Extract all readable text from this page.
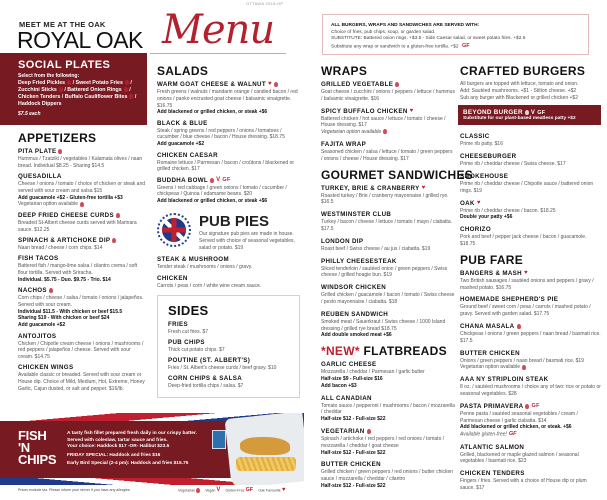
OTTAWA 2016-HP
MEET ME AT THE OAK
ROYAL OAK Menu	ALL BURGERS, WRAPS AND SANDWICHES ARE SERVED WITH:
Choice of fries, pub chips, soup, or garden salad.
SUBSTITUTE: Battered onion rings. +$3.5 - Side Caesar salad, or sweet potato fries. +$2.5
Substitute any wrap or sandwich to a gluten-free tortilla. +$2 GF
SOCIAL PLATES
Select from the following:
Deep Fried Pickles / Sweet Potato Fries / Zucchini Sticks / Battered Onion Rings / Chicken Tenders / Buffalo Cauliflower Bites / Haddock Dippers
$7.5 each
APPETIZERS
PITA PLATE
Hummus / Tzatziki / vegetables / Kalamata olives / naan bread. Individual $8.25 - Sharing $14.5
QUESADILLA
Cheese / onions / tomato / choice of chicken or steak and served with sour cream and salsa $15
Add guacamole +$2 - Gluten-free tortilla +$3
Vegetarian option available
DEEP FRIED CHEESE CURDS
Breaded St-Albert cheese curds served with Marinara sauce. $12.25
SPINACH & ARTICHOKE DIP
Naan bread / cheese / corn chips. $14
FISH TACOS
Battered fish / mango-lime salsa / cilantro crema / soft flour tortilla. Served with Sriracha.
Individual. $5.75 - Duo. $9.75 - Trio. $14
NACHOS
Corn chips / cheese / salsa / tomato / onions / jalapeños. Served with sour cream.
Individual $11.5 - With chicken or beef $15.5
Sharing $19 - With chicken or beef $24
Add guacamole +$2
ANTOJITOS
Chicken / Chipotle cream cheese / onions / mushrooms / red peppers / jalapeños / cheese. Served with sour cream. $14.75
CHICKEN WINGS
Available classic or breaded. Served with sour cream or House dip. Choice of Mild, Medium, Hot, Extreme, Honey Garlic, Cajun dusted, or salt and pepper. $16/lb.
SALADS
WARM GOAT CHEESE & WALNUT ♥
Fresh greens / walnuts / mandarin orange / candied bacon / red onions / panko encrusted goat cheese / balsamic vinaigrette. $16.75
Add blackened or grilled chicken, or steak +$6
BLACK & BLUE
Steak / spring greens / red peppers / onions / tomatoes / cucumber / blue cheese / bacon / House dressing. $18.75
Add guacamole +$2
CHICKEN CAESAR
Romaine lettuce / Parmesan / bacon / croûtons / blackened or grilled chicken. $17
BUDDHA BOWL V GF
Greens / red cabbage / green onions / tomato / cucumber / chickpeas / Quinoa / edamame beans. $20
Add blackened or grilled chicken, or steak +$6
PUB PIES
Our signature pub pies are made in house. Served with choice of seasonal vegetables, salad or potato. $19
STEAK & MUSHROOM
Tender steak / mushrooms / onions / gravy.
CHICKEN
Carrots / peas / corn / white wine cream sauce.
SIDES
FRIES
Fresh cut fries. $7
PUB CHIPS
Thick cut potato chips. $7
POUTINE (ST. ALBERT'S)
Fries / St. Albert's cheese curds / beef gravy. $10
CORN CHIPS & SALSA
Deep-fried tortilla chips / salsa. $7
WRAPS
GRILLED VEGETABLE
Goat cheese / zucchini / onions / peppers / lettuce / hummus / balsamic vinaigrette. $16
SPICY BUFFALO CHICKEN ♥
Battered chicken / hot sauce / lettuce / tomato / cheese / House dressing. $17
Vegetarian option available
FAJITA WRAP
Seasoned chicken / salsa / lettuce / tomato / green peppers / onions / cheese / House dressing. $17
GOURMET SANDWICHES
TURKEY, BRIE & CRANBERRY ♥
Roasted turkey / Brie / cranberry mayonnaise / grilled rye. $16.5
WESTMINSTER CLUB
Turkey / bacon / cheese / lettuce / tomato / mayo / ciabatta. $17.5
LONDON DIP
Roast beef / Swiss cheese / au jus / ciabatta. $19
PHILLY CHEESESTEAK
Sliced tenderloin / sautéed onion / green peppers / Swiss cheese / grilled hoagie bun. $19
WINDSOR CHICKEN
Grilled chicken / guacamole / bacon / tomato / Swiss cheese / pesto mayonnaise / ciabatta. $18
REUBEN SANDWICH
Smoked meat / Sauerkraut / Swiss cheese / 1000 Island dressing / grilled rye bread $18.75
Add double smoked meat +$6
*NEW* FLATBREADS
GARLIC CHEESE
Mozzarella / cheddar / Parmesan / garlic butter
Half-size $9 - Full-size $16
Add bacon +$3
ALL CANADIAN
Tomato sauce / pepperoni / mushrooms / bacon / mozzarella / cheddar
Half-size $12 - Full-size $22
VEGETARIAN
Spinach / artichoke / red peppers / red onions / tomato / mozzarella / cheddar / goat cheese
Half-size $12 - Full-size $22
BUTTER CHICKEN
Grilled chicken / green peppers / red onions / butter chicken sauce / mozzarella / cheddar / cilantro
Half-size $12 - Full-size $22
CRAFTED BURGERS
All burgers are topped with lettuce, tomato and onion.
Add: Sautéed mushrooms. +$1 - Stilton cheese. +$2
Sub any burger with Blackened or grilled chicken +$2
BEYOND BURGER V GF
Substitute for our plant-based meatless patty +$2
CLASSIC
Prime rib patty. $16
CHEESEBURGER
Prime rib / cheddar cheese / Swiss cheese. $17
SMOKEHOUSE
Prime rib / cheddar cheese / Chipotle sauce / battered onion rings. $19
OAK ♥
Prime rib / cheddar cheese / bacon. $18.25
Double your patty +$6
CHORIZO
Pork and beef / pepper jack cheese / bacon / guacamole. $18.75
PUB FARE
BANGERS & MASH ♥
Two British sausages / sautéed onions and peppers / gravy / mashed potato. $16.75
HOMEMADE SHEPHERD'S PIE
Ground beef / sweet corn / peas / carrots / mashed potato / gravy. Served with garden salad. $17.75
CHANA MASALA
Chickpeas / onions / green peppers / naan bread / basmati rice. $17.5
BUTTER CHICKEN
Onions / green peppers / naan bread / basmati rice. $19
Vegetarian option available
AAA NY STRIPLOIN STEAK
8 oz. / sautéed mushrooms / choice any of two: rice or potato or seasonal vegetables. $28
PASTA PRIMAVERA GF
Penne pasta / sautéed seasonal vegetables / cream / Parmesan cheese / garlic ciabatta. $14
Add blackened or grilled chicken, or steak. +$6
Available gluten-free! GF
ATLANTIC SALMON
Grilled, blackened or maple glazed salmon / seasonal vegetables / basmati rice. $23
CHICKEN TENDERS
Fingers / fries. Served with a choice of House dip or plum sauce. $17
FISH
'N
CHIPS
A tasty fish fillet prepared fresh daily in our crispy batter.
Served with coleslaw, tartar sauce and fries.
Your choice: Haddock $17 -OR- Halibut $23.5
FRIDAY SPECIAL: Haddock and fries $16
Early Bird Special (2-4 pm): Haddock and fries $15.75
Prices exclude tax. Please inform your server if you have any allergies.	Vegetarian	VeganV Gluten-FreeGF Oak Favourite♥
